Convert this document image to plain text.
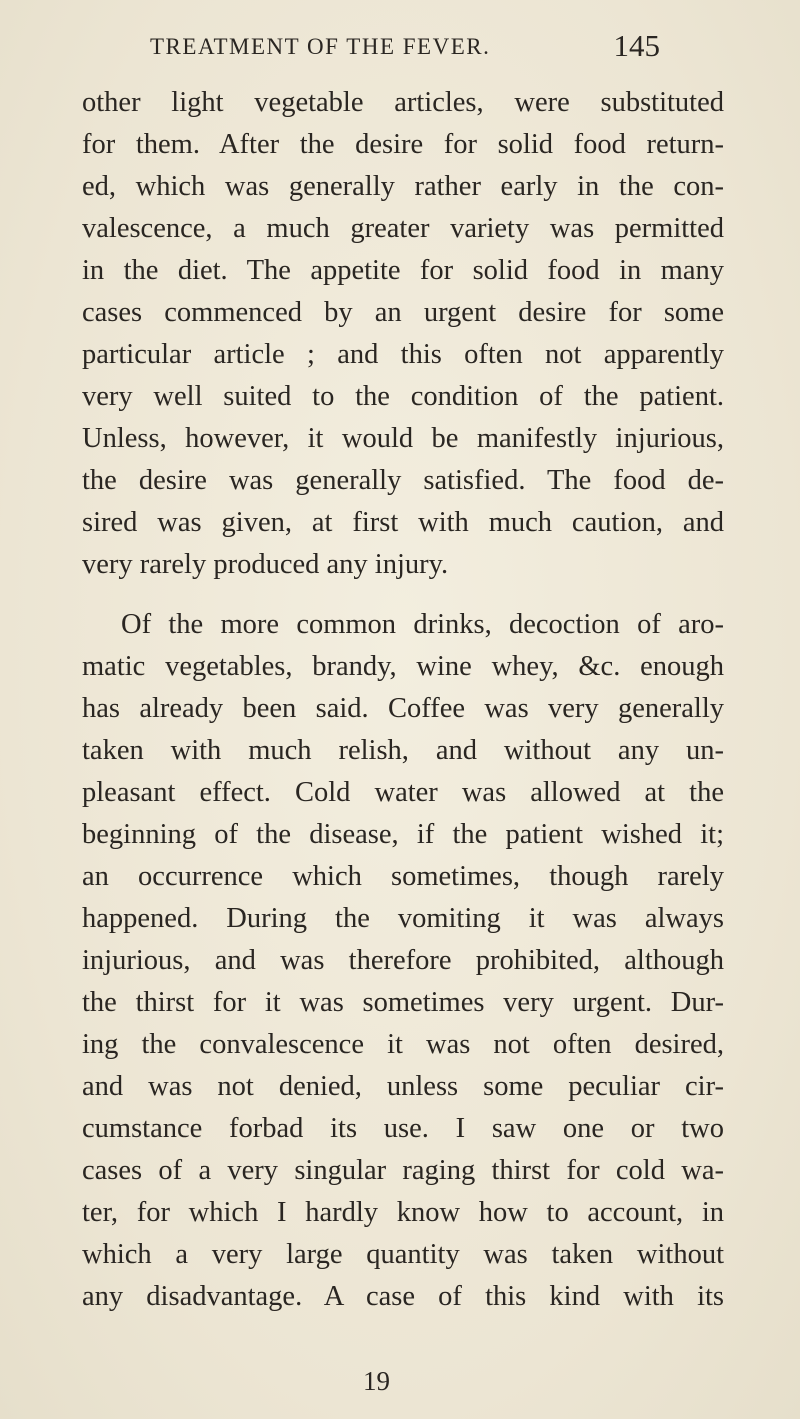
TREATMENT OF THE FEVER.	145
other light vegetable articles, were substituted
for them. After the desire for solid food return-
ed, which was generally rather early in the con-
valescence, a much greater variety was permitted
in the diet. The appetite for solid food in many
cases commenced by an urgent desire for some
particular article ; and this often not apparently
very well suited to the condition of the patient.
Unless, however, it would be manifestly injurious,
the desire was generally satisfied. The food de-
sired was given, at first with much caution, and
very rarely produced any injury.
Of the more common drinks, decoction of aro-
matic vegetables, brandy, wine whey, &c. enough
has already been said. Coffee was very generally
taken with much relish, and without any un-
pleasant effect. Cold water was allowed at the
beginning of the disease, if the patient wished it;
an occurrence which sometimes, though rarely
happened. During the vomiting it was always
injurious, and was therefore prohibited, although
the thirst for it was sometimes very urgent. Dur-
ing the convalescence it was not often desired,
and was not denied, unless some peculiar cir-
cumstance forbad its use. I saw one or two
cases of a very singular raging thirst for cold wa-
ter, for which I hardly know how to account, in
which a very large quantity was taken without
any disadvantage. A case of this kind with its
19
